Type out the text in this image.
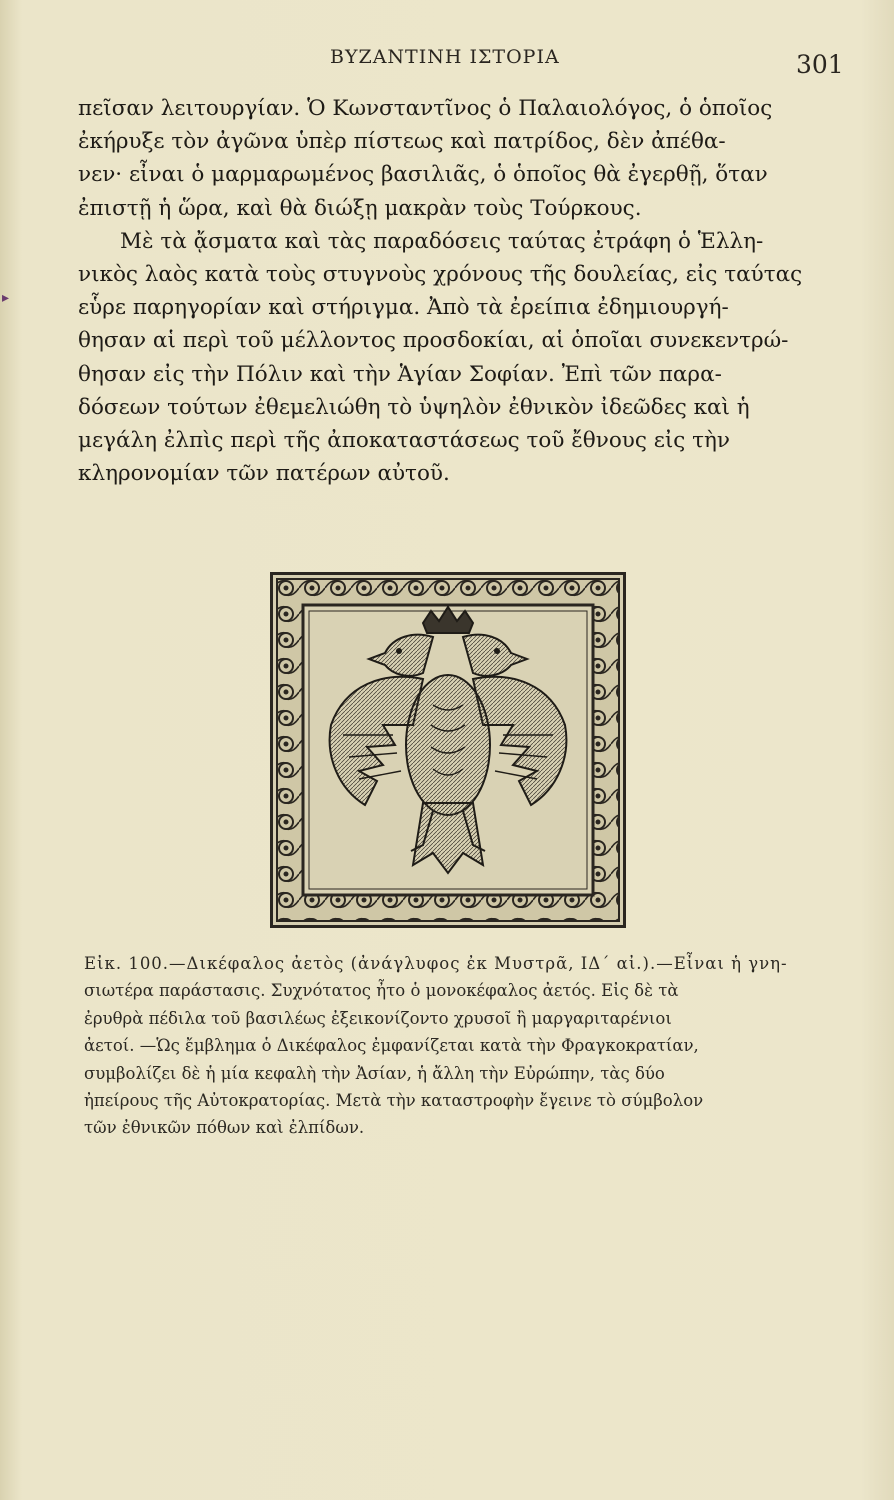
ΒΥΖΑΝΤΙΝΗ ΙΣΤΟΡΙΑ	301
▸
πεῖσαν λειτουργίαν. Ὁ Κωνσταντῖνος ὁ Παλαιολόγος, ὁ ὁποῖος
ἐκήρυξε τὸν ἀγῶνα ὑπὲρ πίστεως καὶ πατρίδος, δὲν ἀπέθα-
νεν· εἶναι ὁ μαρμαρωμένος βασιλιᾶς, ὁ ὁποῖος θὰ ἐγερθῇ, ὅταν
ἐπιστῇ ἡ ὥρα, καὶ θὰ διώξῃ μακρὰν τοὺς Τούρκους.
Μὲ τὰ ᾄσματα καὶ τὰς παραδόσεις ταύτας ἐτράφη ὁ Ἑλλη-
νικὸς λαὸς κατὰ τοὺς στυγνοὺς χρόνους τῆς δουλείας, εἰς ταύτας
εὗρε παρηγορίαν καὶ στήριγμα. Ἀπὸ τὰ ἐρείπια ἐδημιουργή-
θησαν αἱ περὶ τοῦ μέλλοντος προσδοκίαι, αἱ ὁποῖαι συνεκεντρώ-
θησαν εἰς τὴν Πόλιν καὶ τὴν Ἁγίαν Σοφίαν. Ἐπὶ τῶν παρα-
δόσεων τούτων ἐθεμελιώθη τὸ ὑψηλὸν ἐθνικὸν ἰδεῶδες καὶ ἡ
μεγάλη ἐλπὶς περὶ τῆς ἀποκαταστάσεως τοῦ ἔθνους εἰς τὴν
κληρονομίαν τῶν πατέρων αὐτοῦ.
Εἰκ. 100.—Δικέφαλος ἀετὸς (ἀνάγλυφος ἐκ Μυστρᾶ, ΙΔ΄ αἰ.).—Εἶναι ἡ γνη-
σιωτέρα παράστασις. Συχνότατος ἦτο ὁ μονοκέφαλος ἀετός. Εἰς δὲ τὰ
ἐρυθρὰ πέδιλα τοῦ βασιλέως ἐξεικονίζοντο χρυσοῖ ἢ μαργαριταρένιοι
ἀετοί. —Ὡς ἔμβλημα ὁ Δικέφαλος ἐμφανίζεται κατὰ τὴν Φραγκοκρατίαν,
συμβολίζει δὲ ἡ μία κεφαλὴ τὴν Ἀσίαν, ἡ ἄλλη τὴν Εὐρώπην, τὰς δύο
ἠπείρους τῆς Αὐτοκρατορίας. Μετὰ τὴν καταστροφὴν ἔγεινε τὸ σύμβολον
τῶν ἐθνικῶν πόθων καὶ ἐλπίδων.
